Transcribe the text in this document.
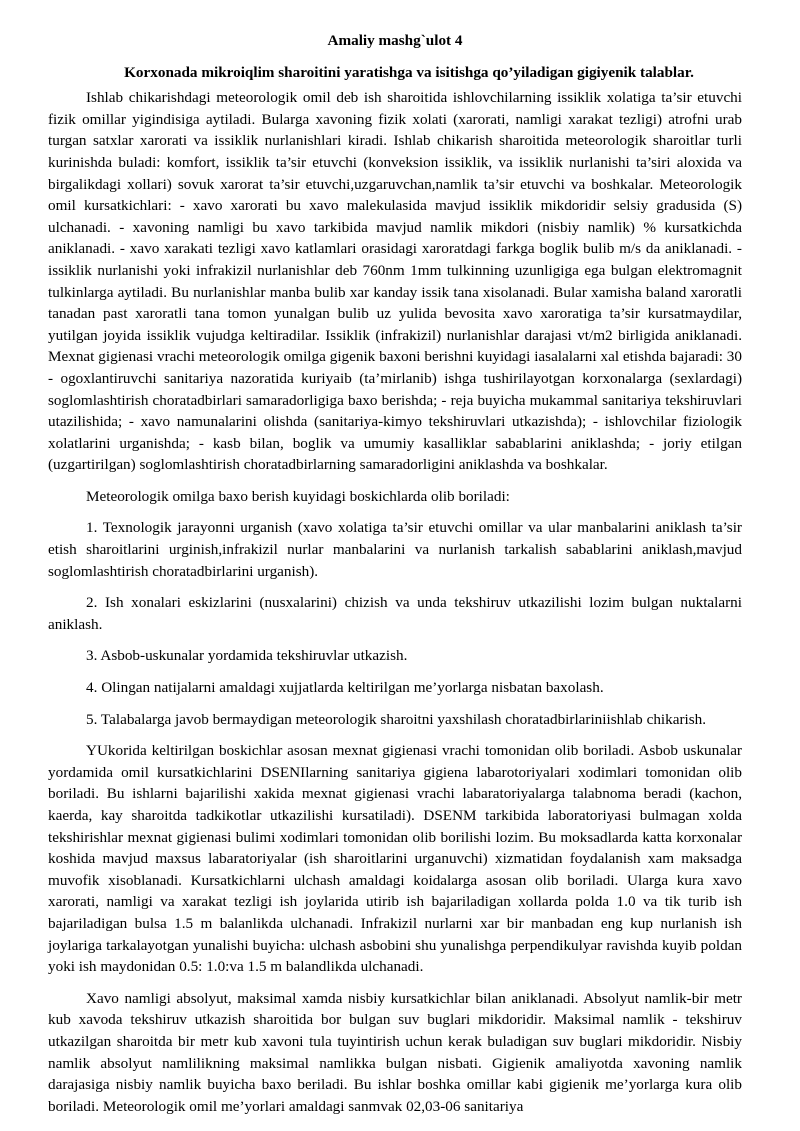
Amaliy mashg`ulot 4
Korxonada mikroiqlim sharoitini yaratishga va isitishga qo’yiladigan gigiyenik talablar.

Ishlab chikarishdagi meteorologik omil deb ish sharoitida ishlovchilarning issiklik xolatiga ta’sir etuvchi fizik omillar yigindisiga aytiladi. Bularga xavoning fizik xolati (xarorati, namligi xarakat tezligi) atrofni urab turgan satxlar xarorati va issiklik nurlanishlari kiradi. Ishlab chikarish sharoitida meteorologik sharoitlar turli kurinishda buladi: komfort, issiklik ta’sir etuvchi (konveksion issiklik, va issiklik nurlanishi ta’siri aloxida va birgalikdagi xollari) sovuk xarorat ta’sir etuvchi,uzgaruvchan,namlik ta’sir etuvchi va boshkalar. Meteorologik omil kursatkichlari: - xavo xarorati bu xavo malekulasida mavjud issiklik mikdoridir selsiy gradusida (S) ulchanadi. - xavoning namligi bu xavo tarkibida mavjud namlik mikdori (nisbiy namlik) % kursatkichda aniklanadi. - xavo xarakati tezligi xavo katlamlari orasidagi xaroratdagi farkga boglik bulib m/s da aniklanadi. - issiklik nurlanishi yoki infrakizil nurlanishlar deb 760nm 1mm tulkinning uzunligiga ega bulgan elektromagnit tulkinlarga aytiladi. Bu nurlanishlar manba bulib xar kanday issik tana xisolanadi. Bular xamisha baland xaroratli tanadan past xaroratli tana tomon yunalgan bulib uz yulida bevosita xavo xaroratiga ta’sir kursatmaydilar, yutilgan joyida issiklik vujudga keltiradilar. Issiklik (infrakizil) nurlanishlar darajasi vt/m2 birligida aniklanadi. Mexnat gigienasi vrachi meteorologik omilga gigenik baxoni berishni kuyidagi iasalalarni xal etishda bajaradi: 30 - ogoxlantiruvchi sanitariya nazoratida kuriyaib (ta’mirlanib) ishga tushirilayotgan korxonalarga (sexlardagi) soglomlashtirish choratadbirlari samaradorligiga baxo berishda; - reja buyicha mukammal sanitariya tekshiruvlari utazilishida; - xavo namunalarini olishda (sanitariya-kimyo tekshiruvlari utkazishda); - ishlovchilar fiziologik xolatlarini urganishda; - kasb bilan, boglik va umumiy kasalliklar sabablarini aniklashda; - joriy etilgan (uzgartirilgan) soglomlashtirish choratadbirlarning samaradorligini aniklashda va boshkalar.

Meteorologik omilga baxo berish kuyidagi boskichlarda olib boriladi:

1. Texnologik jarayonni urganish (xavo xolatiga ta’sir etuvchi omillar va ular manbalarini aniklash ta’sir etish sharoitlarini urginish,infrakizil nurlar manbalarini va nurlanish tarkalish sabablarini aniklash,mavjud soglomlashtirish choratadbirlarini urganish).

2. Ish xonalari eskizlarini (nusxalarini) chizish va unda tekshiruv utkazilishi lozim bulgan nuktalarni aniklash.

3. Asbob-uskunalar yordamida tekshiruvlar utkazish.

4. Olingan natijalarni amaldagi xujjatlarda keltirilgan me’yorlarga nisbatan baxolash.

5. Talabalarga javob bermaydigan meteorologik sharoitni yaxshilash choratadbirlariniishlab chikarish.

YUkorida keltirilgan boskichlar asosan mexnat gigienasi vrachi tomonidan olib boriladi. Asbob uskunalar yordamida omil kursatkichlarini DSENIlarning sanitariya gigiena labarotoriyalari xodimlari tomonidan olib boriladi. Bu ishlarni bajarilishi xakida mexnat gigienasi vrachi labaratoriyalarga talabnoma beradi (kachon, kaerda, kay sharoitda tadkikotlar utkazilishi kursatiladi). DSENM tarkibida laboratoriyasi bulmagan xolda tekshirishlar mexnat gigienasi bulimi xodimlari tomonidan olib borilishi lozim. Bu moksadlarda katta korxonalar koshida mavjud maxsus labaratoriyalar (ish sharoitlarini urganuvchi) xizmatidan foydalanish xam maksadga muvofik xisoblanadi. Kursatkichlarni ulchash amaldagi koidalarga asosan olib boriladi. Ularga kura xavo xarorati, namligi va xarakat tezligi ish joylarida utirib ish bajariladigan xollarda polda 1.0 va tik turib ish bajariladigan bulsa 1.5 m balanlikda ulchanadi. Infrakizil nurlarni xar bir manbadan eng kup nurlanish ish joylariga tarkalayotgan yunalishi buyicha: ulchash asbobini shu yunalishga perpendikulyar ravishda kuyib poldan yoki ish maydonidan 0.5: 1.0:va 1.5 m balandlikda ulchanadi.

Xavo namligi absolyut, maksimal xamda nisbiy kursatkichlar bilan aniklanadi. Absolyut namlik-bir metr kub xavoda tekshiruv utkazish sharoitida bor bulgan suv buglari mikdoridir. Maksimal namlik - tekshiruv utkazilgan sharoitda bir metr kub xavoni tula tuyintirish uchun kerak buladigan suv buglari mikdoridir. Nisbiy namlik absolyut namlilikning maksimal namlikka bulgan nisbati. Gigienik amaliyotda xavoning namlik darajasiga nisbiy namlik buyicha baxo beriladi. Bu ishlar boshka omillar kabi gigienik me’yorlarga kura olib boriladi. Meteorologik omil me’yorlari amaldagi sanmvak 02,03-06 sanitariya
